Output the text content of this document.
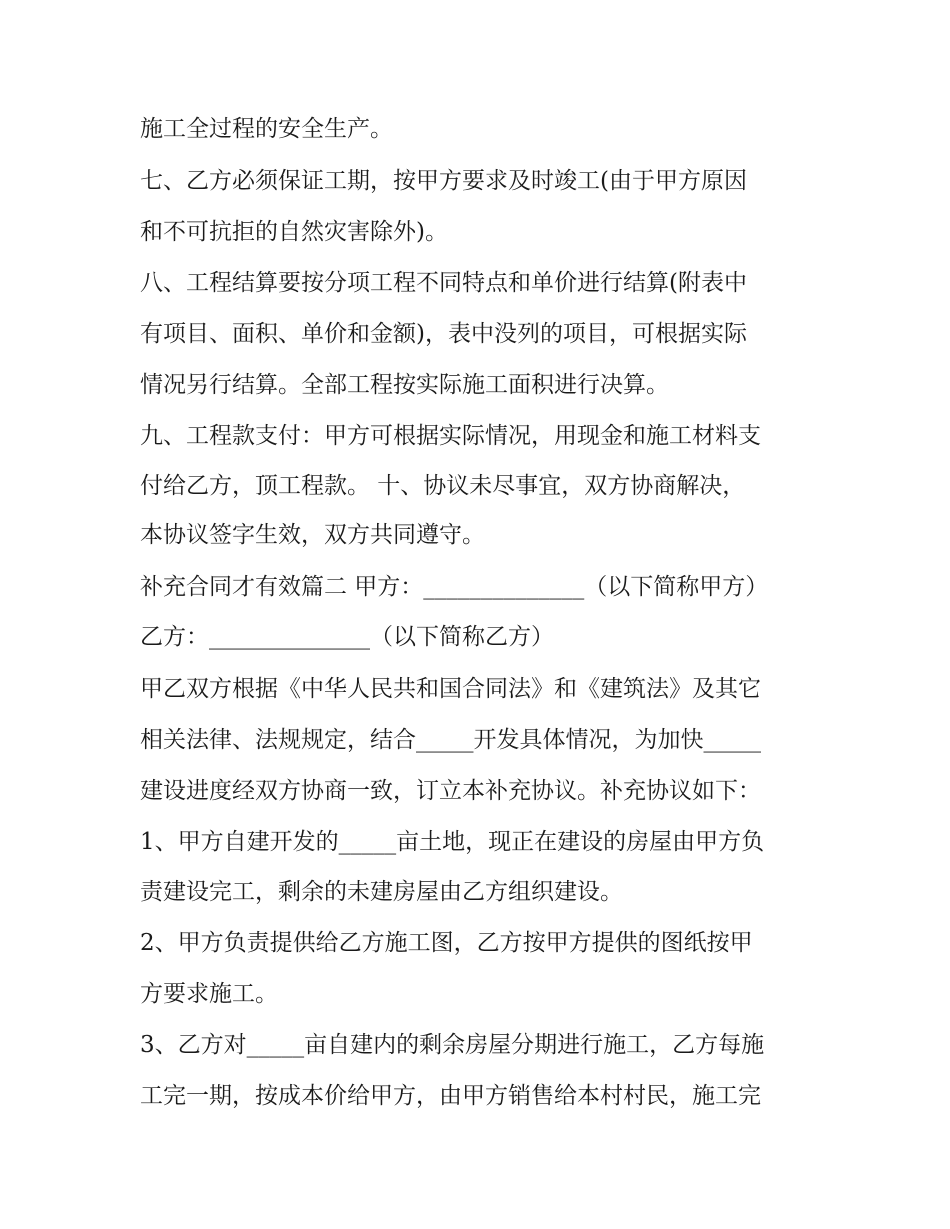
施工全过程的安全生产。

七、乙方必须保证工期，按甲方要求及时竣工(由于甲方原因

和不可抗拒的自然灾害除外)。

八、工程结算要按分项工程不同特点和单价进行结算(附表中

有项目、面积、单价和金额)，表中没列的项目，可根据实际

情况另行结算。全部工程按实际施工面积进行决算。

九、工程款支付：甲方可根据实际情况，用现金和施工材料支

付给乙方，顶工程款。 十、协议未尽事宜，双方协商解决，

本协议签字生效，双方共同遵守。

补充合同才有效篇二 甲方：______________（以下简称甲方）

乙方：______________（以下简称乙方）

甲乙双方根据《中华人民共和国合同法》和《建筑法》及其它

相关法律、法规规定，结合_____开发具体情况，为加快_____

建设进度经双方协商一致，订立本补充协议。补充协议如下：

1、甲方自建开发的_____亩土地，现正在建设的房屋由甲方负

责建设完工，剩余的未建房屋由乙方组织建设。

2、甲方负责提供给乙方施工图，乙方按甲方提供的图纸按甲

方要求施工。

3、乙方对_____亩自建内的剩余房屋分期进行施工，乙方每施

工完一期，按成本价给甲方，由甲方销售给本村村民，施工完
